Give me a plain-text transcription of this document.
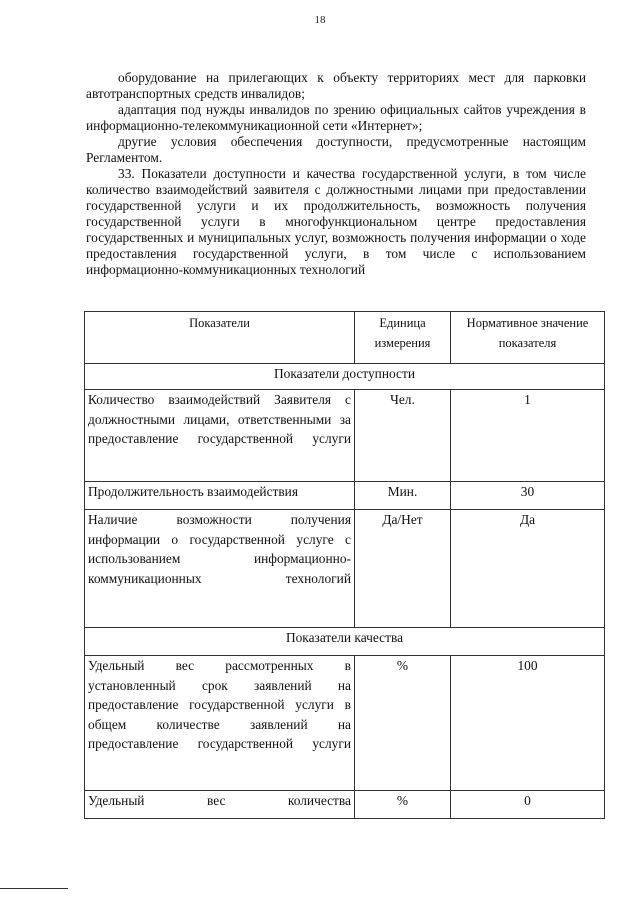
18

оборудование на прилегающих к объекту территориях мест для парковки автотранспортных средств инвалидов;

адаптация под нужды инвалидов по зрению официальных сайтов учреждения в информационно-телекоммуникационной сети «Интернет»;

другие условия обеспечения доступности, предусмотренные настоящим Регламентом.

33. Показатели доступности и качества государственной услуги, в том числе количество взаимодействий заявителя с должностными лицами при предоставлении государственной услуги и их продолжительность, возможность получения государственной услуги в многофункциональном центре предоставления государственных и муниципальных услуг, возможность получения информации о ходе предоставления государственной услуги, в том числе с использованием информационно-коммуникационных технологий

Показатели	Единица измерения	Нормативное значение показателя
Показатели доступности		
Количество взаимодействий Заявителя с должностными лицами, ответственными за предоставление государственной услуги	Чел.	1
Продолжительность взаимодействия	Мин.	30
Наличие возможности получения информации о государственной услуге с использованием информационно-коммуникационных технологий	Да/Нет	Да
Показатели качества		
Удельный вес рассмотренных в установленный срок заявлений на предоставление государственной услуги в общем количестве заявлений на предоставление государственной услуги	%	100
Удельный вес количества	%	0
